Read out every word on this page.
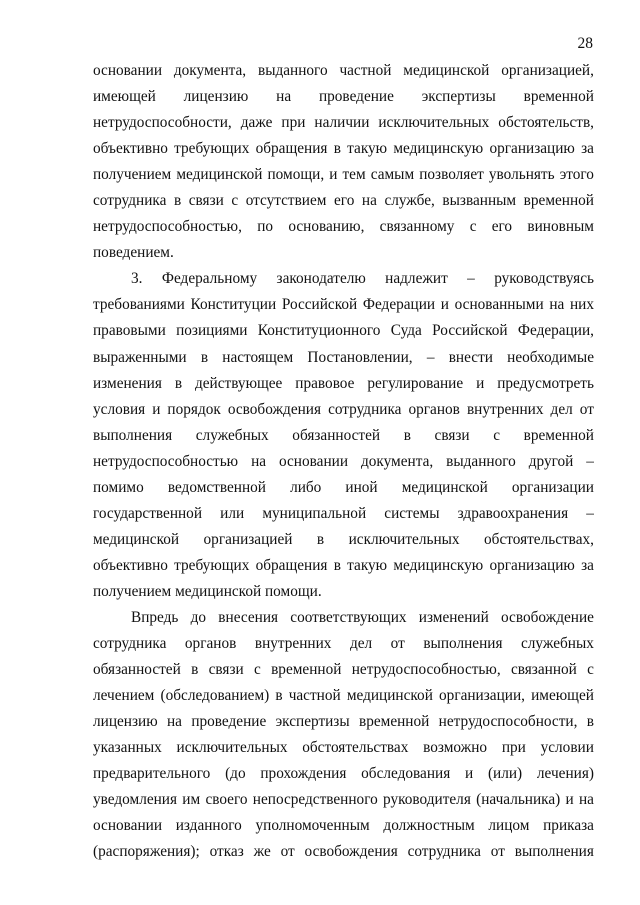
28
основании документа, выданного частной медицинской организацией,
имеющей лицензию на проведение экспертизы временной
нетрудоспособности, даже при наличии исключительных обстоятельств,
объективно требующих обращения в такую медицинскую организацию за
получением медицинской помощи, и тем самым позволяет увольнять этого
сотрудника в связи с отсутствием его на службе, вызванным временной
нетрудоспособностью, по основанию, связанному с его виновным
поведением.
3. Федеральному законодателю надлежит – руководствуясь
требованиями Конституции Российской Федерации и основанными на них
правовыми позициями Конституционного Суда Российской Федерации,
выраженными в настоящем Постановлении, – внести необходимые
изменения в действующее правовое регулирование и предусмотреть
условия и порядок освобождения сотрудника органов внутренних дел от
выполнения служебных обязанностей в связи с временной
нетрудоспособностью на основании документа, выданного другой –
помимо ведомственной либо иной медицинской организации
государственной или муниципальной системы здравоохранения –
медицинской организацией в исключительных обстоятельствах,
объективно требующих обращения в такую медицинскую организацию за
получением медицинской помощи.
Впредь до внесения соответствующих изменений освобождение
сотрудника органов внутренних дел от выполнения служебных
обязанностей в связи с временной нетрудоспособностью, связанной с
лечением (обследованием) в частной медицинской организации, имеющей
лицензию на проведение экспертизы временной нетрудоспособности, в
указанных исключительных обстоятельствах возможно при условии
предварительного (до прохождения обследования и (или) лечения)
уведомления им своего непосредственного руководителя (начальника) и на
основании изданного уполномоченным должностным лицом приказа
(распоряжения); отказ же от освобождения сотрудника от выполнения
